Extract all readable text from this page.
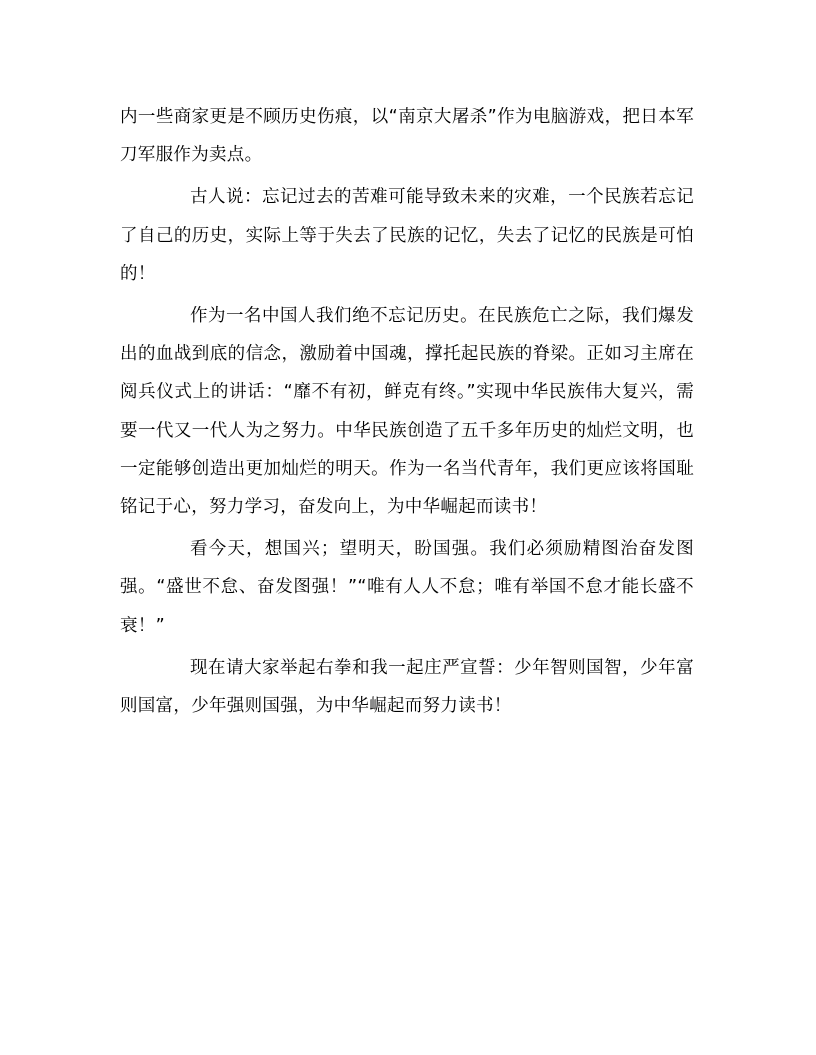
内一些商家更是不顾历史伤痕，以“南京大屠杀”作为电脑游戏，把日本军刀军服作为卖点。

古人说：忘记过去的苦难可能导致未来的灾难，一个民族若忘记了自己的历史，实际上等于失去了民族的记忆，失去了记忆的民族是可怕的！

作为一名中国人我们绝不忘记历史。在民族危亡之际，我们爆发出的血战到底的信念，激励着中国魂，撑托起民族的脊梁。正如习主席在阅兵仪式上的讲话：“靡不有初，鲜克有终。”实现中华民族伟大复兴，需要一代又一代人为之努力。中华民族创造了五千多年历史的灿烂文明，也一定能够创造出更加灿烂的明天。作为一名当代青年，我们更应该将国耻铭记于心，努力学习，奋发向上，为中华崛起而读书！

看今天，想国兴；望明天，盼国强。我们必须励精图治奋发图强。“盛世不怠、奋发图强！”“唯有人人不怠；唯有举国不怠才能长盛不衰！”

现在请大家举起右拳和我一起庄严宣誓：少年智则国智，少年富则国富，少年强则国强，为中华崛起而努力读书！
